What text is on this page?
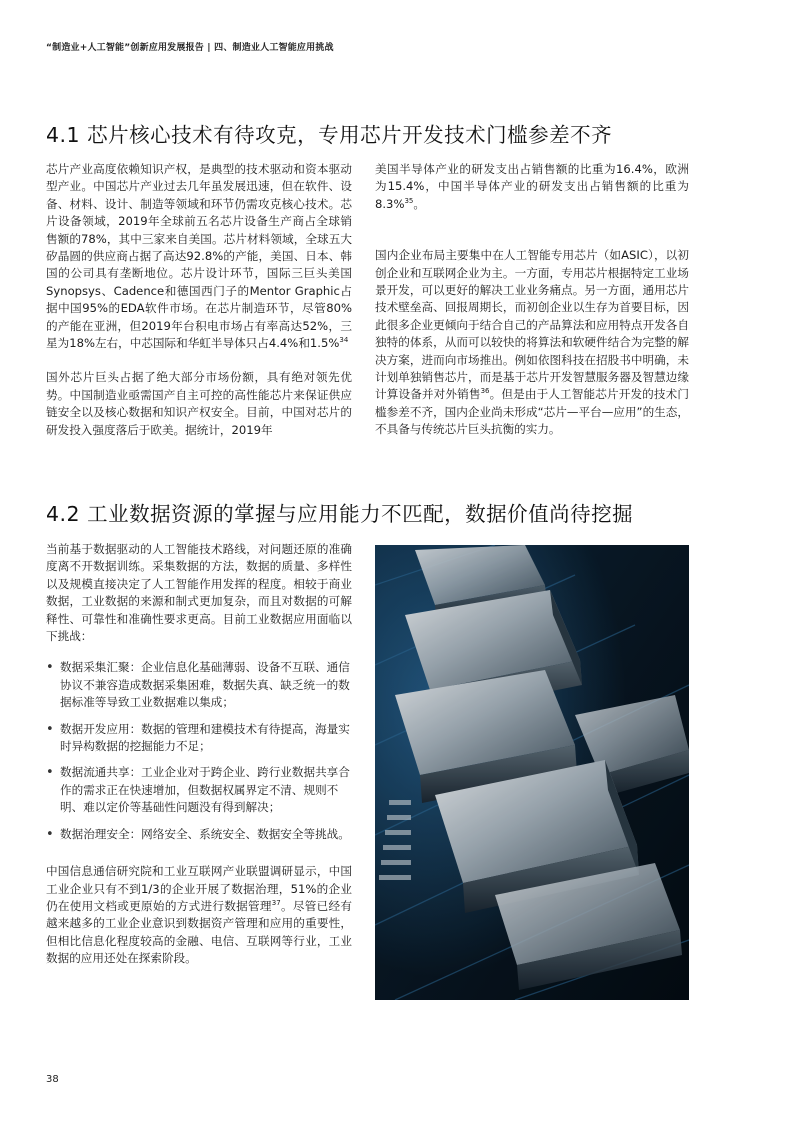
“制造业+人工智能”创新应用发展报告 | 四、制造业人工智能应用挑战
4.1 芯片核心技术有待攻克，专用芯片开发技术门槛参差不齐

芯片产业高度依赖知识产权，是典型的技术驱动和资本驱动型产业。中国芯片产业过去几年虽发展迅速，但在软件、设备、材料、设计、制造等领域和环节仍需攻克核心技术。芯片设备领域，2019年全球前五名芯片设备生产商占全球销售额的78%，其中三家来自美国。芯片材料领域，全球五大矽晶圆的供应商占据了高达92.8%的产能，美国、日本、韩国的公司具有垄断地位。芯片设计环节，国际三巨头美国Synopsys、Cadence和德国西门子的Mentor Graphic占据中国95%的EDA软件市场。在芯片制造环节，尽管80%的产能在亚洲，但2019年台积电市场占有率高达52%，三星为18%左右，中芯国际和华虹半导体只占4.4%和1.5%$^{34}$

国外芯片巨头占据了绝大部分市场份额，具有绝对领先优势。中国制造业亟需国产自主可控的高性能芯片来保证供应链安全以及核心数据和知识产权安全。目前，中国对芯片的研发投入强度落后于欧美。据统计，2019年

美国半导体产业的研发支出占销售额的比重为16.4%，欧洲为15.4%，中国半导体产业的研发支出占销售额的比重为8.3%$^{35}$。

国内企业布局主要集中在人工智能专用芯片（如ASIC），以初创企业和互联网企业为主。一方面，专用芯片根据特定工业场景开发，可以更好的解决工业业务痛点。另一方面，通用芯片技术壁垒高、回报周期长，而初创企业以生存为首要目标，因此很多企业更倾向于结合自己的产品算法和应用特点开发各自独特的体系，从而可以较快的将算法和软硬件结合为完整的解决方案，进而向市场推出。例如依图科技在招股书中明确，未计划单独销售芯片，而是基于芯片开发智慧服务器及智慧边缘计算设备并对外销售$^{36}$。但是由于人工智能芯片开发的技术门槛参差不齐，国内企业尚未形成“芯片—平台—应用”的生态，不具备与传统芯片巨头抗衡的实力。

4.2 工业数据资源的掌握与应用能力不匹配，数据价值尚待挖掘

当前基于数据驱动的人工智能技术路线，对问题还原的准确度离不开数据训练。采集数据的方法，数据的质量、多样性以及规模直接决定了人工智能作用发挥的程度。相较于商业数据，工业数据的来源和制式更加复杂，而且对数据的可解释性、可靠性和准确性要求更高。目前工业数据应用面临以下挑战：

• 数据采集汇聚：企业信息化基础薄弱、设备不互联、通信协议不兼容造成数据采集困难，数据失真、缺乏统一的数据标准等导致工业数据难以集成；
• 数据开发应用：数据的管理和建模技术有待提高，海量实时异构数据的挖掘能力不足；
• 数据流通共享：工业企业对于跨企业、跨行业数据共享合作的需求正在快速增加，但数据权属界定不清、规则不明、难以定价等基础性问题没有得到解决；
• 数据治理安全：网络安全、系统安全、数据安全等挑战。

中国信息通信研究院和工业互联网产业联盟调研显示，中国工业企业只有不到1/3的企业开展了数据治理，51%的企业仍在使用文档或更原始的方式进行数据管理$^{37}$。尽管已经有越来越多的工业企业意识到数据资产管理和应用的重要性，但相比信息化程度较高的金融、电信、互联网等行业，工业数据的应用还处在探索阶段。

38
